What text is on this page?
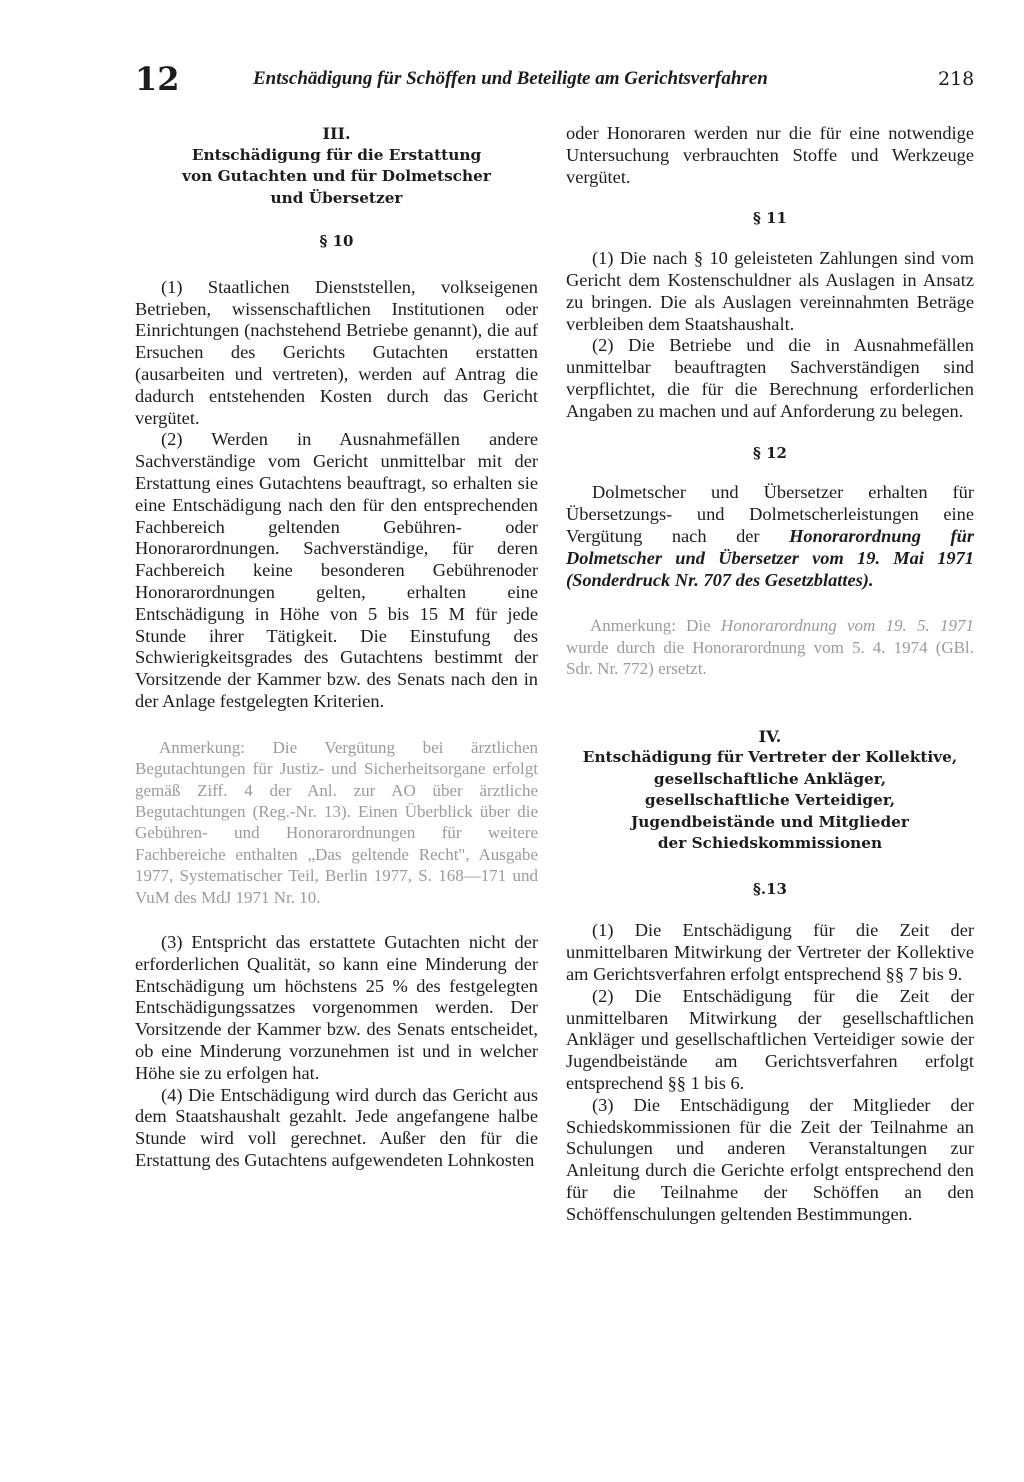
12	Entschädigung für Schöffen und Beteiligte am Gerichtsverfahren	218
III.
Entschädigung für die Erstattung
von Gutachten und für Dolmetscher
und Übersetzer
§ 10

(1) Staatlichen Dienststellen, volkseigenen Betrieben, wissenschaftlichen Institutionen oder Einrichtungen (nachstehend Betriebe genannt), die auf Ersuchen des Gerichts Gutachten erstatten (ausarbeiten und vertreten), werden auf Antrag die dadurch entstehenden Kosten durch das Gericht vergütet.

(2) Werden in Ausnahmefällen andere Sachverständige vom Gericht unmittelbar mit der Erstattung eines Gutachtens beauftragt, so erhalten sie eine Entschädigung nach den für den entsprechenden Fachbereich geltenden Gebühren- oder Honorarordnungen. Sachverständige, für deren Fachbereich keine besonderen Gebührenoder Honorarordnungen gelten, erhalten eine Entschädigung in Höhe von 5 bis 15 M für jede Stunde ihrer Tätigkeit. Die Einstufung des Schwierigkeitsgrades des Gutachtens bestimmt der Vorsitzende der Kammer bzw. des Senats nach den in der Anlage festgelegten Kriterien.

Anmerkung: Die Vergütung bei ärztlichen Begutachtungen für Justiz- und Sicherheitsorgane erfolgt gemäß Ziff. 4 der Anl. zur AO über ärztliche Begutachtungen (Reg.-Nr. 13). Einen Überblick über die Gebühren- und Honorarordnungen für weitere Fachbereiche enthalten „Das geltende Recht", Ausgabe 1977, Systematischer Teil, Berlin 1977, S. 168—171 und VuM des MdJ 1971 Nr. 10.

(3) Entspricht das erstattete Gutachten nicht der erforderlichen Qualität, so kann eine Minderung der Entschädigung um höchstens 25 % des festgelegten Entschädigungssatzes vorgenommen werden. Der Vorsitzende der Kammer bzw. des Senats entscheidet, ob eine Minderung vorzunehmen ist und in welcher Höhe sie zu erfolgen hat.

(4) Die Entschädigung wird durch das Gericht aus dem Staatshaushalt gezahlt. Jede angefangene halbe Stunde wird voll gerechnet. Außer den für die Erstattung des Gutachtens aufgewendeten Lohnkosten

oder Honoraren werden nur die für eine notwendige Untersuchung verbrauchten Stoffe und Werkzeuge vergütet.

§ 11

(1) Die nach § 10 geleisteten Zahlungen sind vom Gericht dem Kostenschuldner als Auslagen in Ansatz zu bringen. Die als Auslagen vereinnahmten Beträge verbleiben dem Staatshaushalt.

(2) Die Betriebe und die in Ausnahmefällen unmittelbar beauftragten Sachverständigen sind verpflichtet, die für die Berechnung erforderlichen Angaben zu machen und auf Anforderung zu belegen.

§ 12

Dolmetscher und Übersetzer erhalten für Übersetzungs- und Dolmetscherleistungen eine Vergütung nach der Honorarordnung für Dolmetscher und Übersetzer vom 19. Mai 1971 (Sonderdruck Nr. 707 des Gesetzblattes).

Anmerkung: Die Honorarordnung vom 19. 5. 1971 wurde durch die Honorarordnung vom 5. 4. 1974 (GBl. Sdr. Nr. 772) ersetzt.

IV.
Entschädigung für Vertreter der Kollektive,
gesellschaftliche Ankläger,
gesellschaftliche Verteidiger,
Jugendbeistände und Mitglieder
der Schiedskommissionen
§.13

(1) Die Entschädigung für die Zeit der unmittelbaren Mitwirkung der Vertreter der Kollektive am Gerichtsverfahren erfolgt entsprechend §§ 7 bis 9.

(2) Die Entschädigung für die Zeit der unmittelbaren Mitwirkung der gesellschaftlichen Ankläger und gesellschaftlichen Verteidiger sowie der Jugendbeistände am Gerichtsverfahren erfolgt entsprechend §§ 1 bis 6.

(3) Die Entschädigung der Mitglieder der Schiedskommissionen für die Zeit der Teilnahme an Schulungen und anderen Veranstaltungen zur Anleitung durch die Gerichte erfolgt entsprechend den für die Teilnahme der Schöffen an den Schöffenschulungen geltenden Bestimmungen.
